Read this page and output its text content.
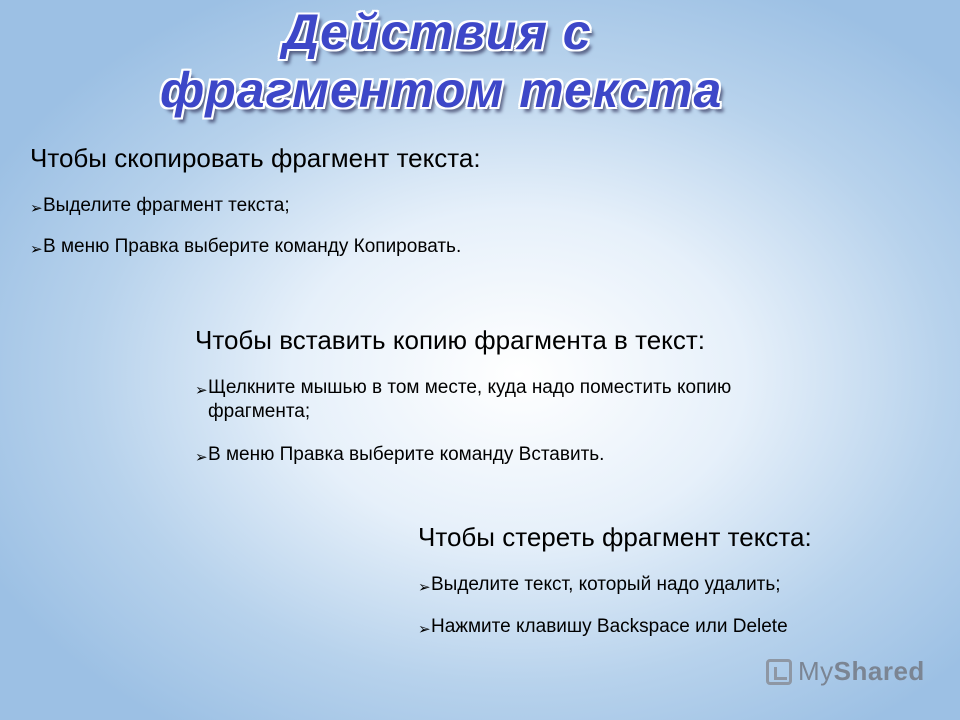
Действия с
фрагментом текста
Чтобы скопировать фрагмент текста:
➢ Выделите фрагмент текста;
➢ В меню Правка выберите команду Копировать.
Чтобы вставить копию фрагмента в текст:
➢ Щелкните мышью в том месте, куда надо поместить копию фрагмента;
➢ В меню Правка выберите команду Вставить.
Чтобы стереть фрагмент текста:
➢ Выделите текст, который надо удалить;
➢ Нажмите клавишу Backspace или Delete
My Shared
